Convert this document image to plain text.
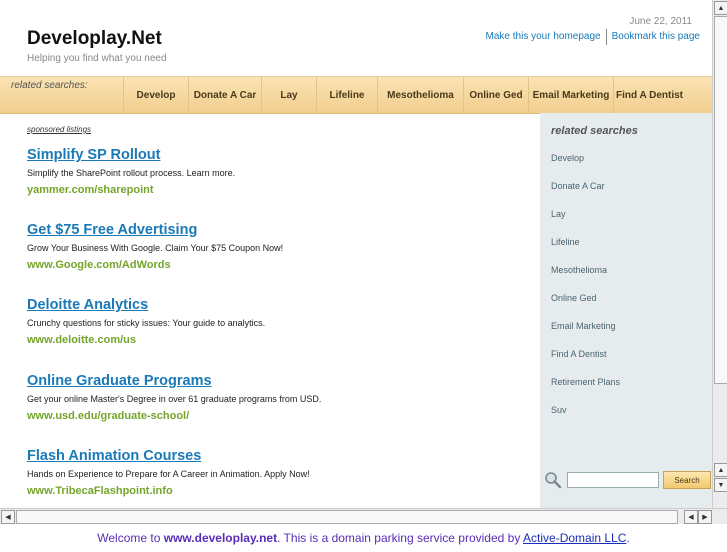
Developlay.Net
Helping you find what you need
June 22, 2011
Make this your homepage Bookmark this page
related searches:
Develop	Donate A Car	Lay	Lifeline	Mesothelioma	Online Ged Email Marketing Find A Dentist
sponsored listings
Simplify SP Rollout
Simplify the SharePoint rollout process. Learn more.
yammer.com/sharepoint
Get $75 Free Advertising
Grow Your Business With Google. Claim Your $75 Coupon Now!
www.Google.com/AdWords
Deloitte Analytics
Crunchy questions for sticky issues: Your guide to analytics.
www.deloitte.com/us
Online Graduate Programs
Get your online Master's Degree in over 61 graduate programs from USD.
www.usd.edu/graduate-school/
Flash Animation Courses
Hands on Experience to Prepare for A Career in Animation. Apply Now!
www.TribecaFlashpoint.info
related searches
Develop
Donate A Car
Lay
Lifeline
Mesothelioma
Online Ged
Email Marketing
Find A Dentist
Retirement Plans
Suv
Search
▲
▲
▼
◀	◀	▶
Welcome to www.developlay.net. This is a domain parking service provided by Active-Domain LLC.
